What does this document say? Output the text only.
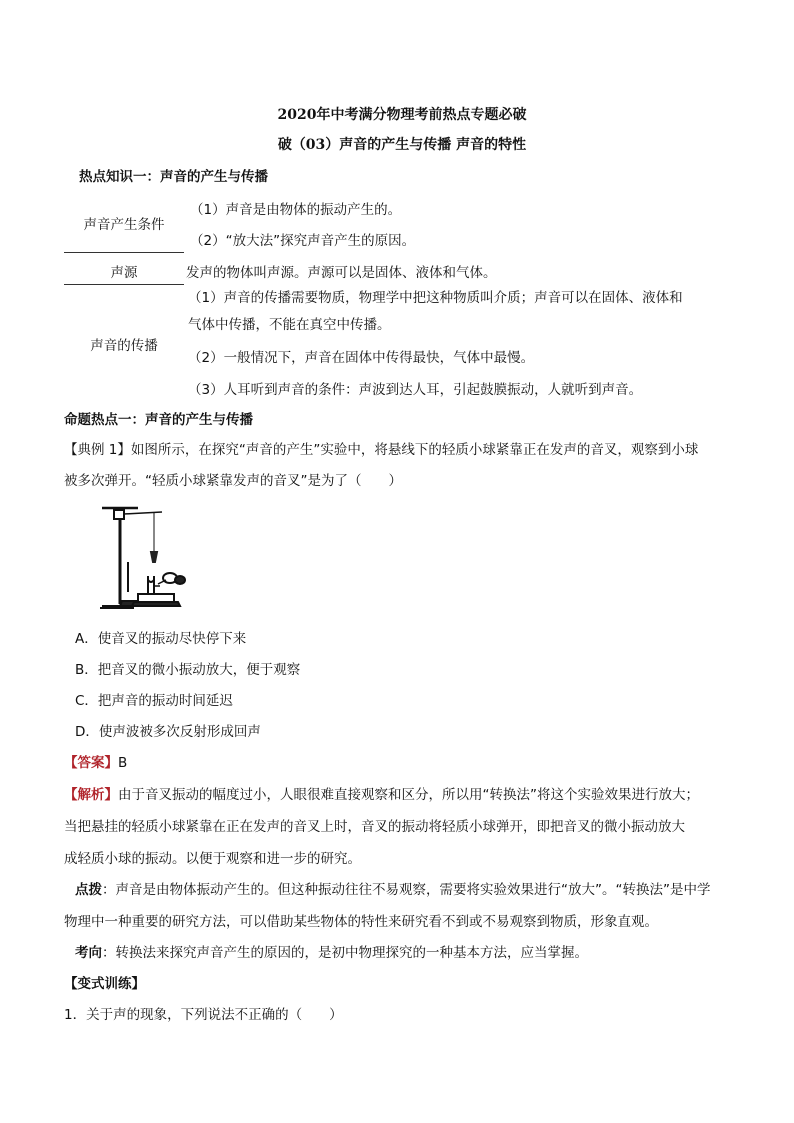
2020年中考满分物理考前热点专题必破
破（03）声音的产生与传播 声音的特性
热点知识一：声音的产生与传播
声音产生条件
（1）声音是由物体的振动产生的。
（2）“放大法”探究声音产生的原因。
声源	发声的物体叫声源。声源可以是固体、液体和气体。
声音的传播
（1）声音的传播需要物质，物理学中把这种物质叫介质；声音可以在固体、液体和
气体中传播，不能在真空中传播。
（2）一般情况下，声音在固体中传得最快，气体中最慢。
（3）人耳听到声音的条件：声波到达人耳，引起鼓膜振动，人就听到声音。
命题热点一：声音的产生与传播
【典例 1】如图所示，在探究“声音的产生”实验中，将悬线下的轻质小球紧靠正在发声的音叉，观察到小球
被多次弹开。“轻质小球紧靠发声的音叉”是为了（　　）
A．使音叉的振动尽快停下来
B．把音叉的微小振动放大，便于观察
C．把声音的振动时间延迟
D．使声波被多次反射形成回声
【答案】B
【解析】由于音叉振动的幅度过小，人眼很难直接观察和区分，所以用“转换法”将这个实验效果进行放大；
当把悬挂的轻质小球紧靠在正在发声的音叉上时，音叉的振动将轻质小球弹开，即把音叉的微小振动放大
成轻质小球的振动。以便于观察和进一步的研究。
点拨：声音是由物体振动产生的。但这种振动往往不易观察，需要将实验效果进行“放大”。“转换法”是中学
物理中一种重要的研究方法，可以借助某些物体的特性来研究看不到或不易观察到物质，形象直观。
考向：转换法来探究声音产生的原因的，是初中物理探究的一种基本方法，应当掌握。
【变式训练】
1．关于声的现象，下列说法不正确的（　　）
